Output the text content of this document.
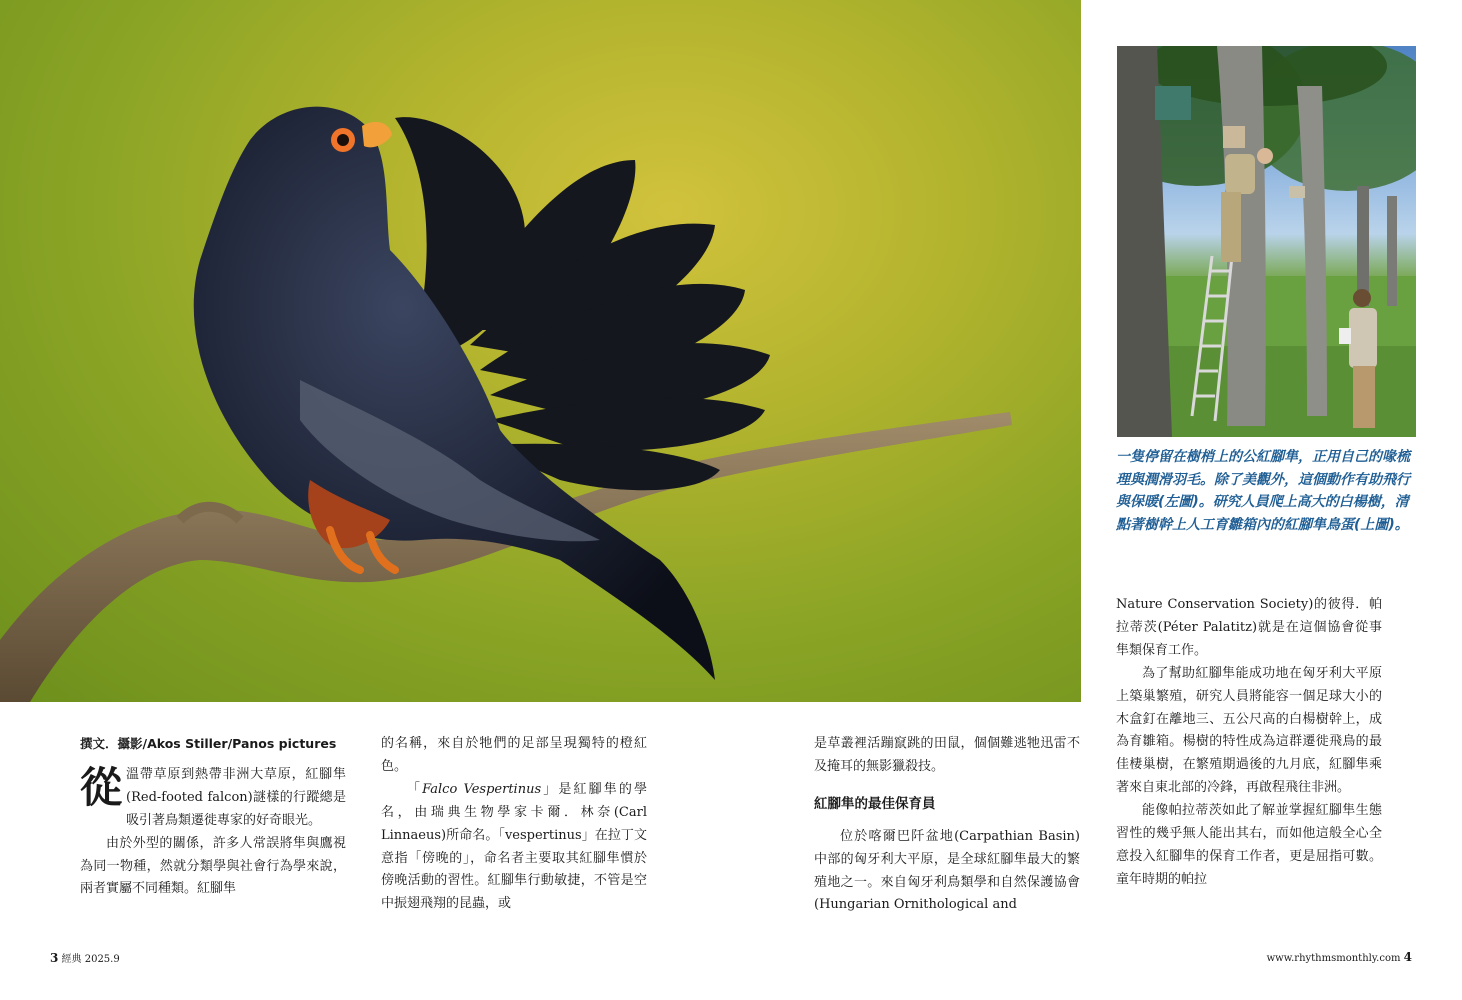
一隻停留在樹梢上的公紅腳隼，正用自己的喙梳理與潤滑羽毛。除了美觀外，這個動作有助飛行與保暖(左圖)。研究人員爬上高大的白楊樹，清點著樹幹上人工育雛箱內的紅腳隼鳥蛋(上圖)。
撰文．攝影/Akos Stiller/Panos pictures

從溫帶草原到熱帶非洲大草原，紅腳隼(Red-footed falcon)謎樣的行蹤總是吸引著鳥類遷徙專家的好奇眼光。

由於外型的關係，許多人常誤將隼與鷹視為同一物種，然就分類學與社會行為學來說，兩者實屬不同種類。紅腳隼

的名稱，來自於牠們的足部呈現獨特的橙紅色。

「Falco Vespertinus」是紅腳隼的學名，由瑞典生物學家卡爾．林奈(Carl Linnaeus)所命名。「vespertinus」在拉丁文意指「傍晚的」，命名者主要取其紅腳隼慣於傍晚活動的習性。紅腳隼行動敏捷，不管是空中振翅飛翔的昆蟲，或

是草叢裡活蹦竄跳的田鼠，個個難逃牠迅雷不及掩耳的無影獵殺技。

紅腳隼的最佳保育員

位於喀爾巴阡盆地(Carpathian Basin)中部的匈牙利大平原，是全球紅腳隼最大的繁殖地之一。來自匈牙利鳥類學和自然保護協會(Hungarian Ornithological and

Nature Conservation Society)的彼得．帕拉蒂茨(Péter Palatitz)就是在這個協會從事隼類保育工作。

為了幫助紅腳隼能成功地在匈牙利大平原上築巢繁殖，研究人員將能容一個足球大小的木盒釘在離地三、五公尺高的白楊樹幹上，成為育雛箱。楊樹的特性成為這群遷徙飛鳥的最佳棲巢樹，在繁殖期過後的九月底，紅腳隼乘著來自東北部的冷鋒，再啟程飛往非洲。

能像帕拉蒂茨如此了解並掌握紅腳隼生態習性的幾乎無人能出其右，而如他這般全心全意投入紅腳隼的保育工作者，更是屈指可數。童年時期的帕拉

3 經典 2025.9	www.rhythmsmonthly.com 4
